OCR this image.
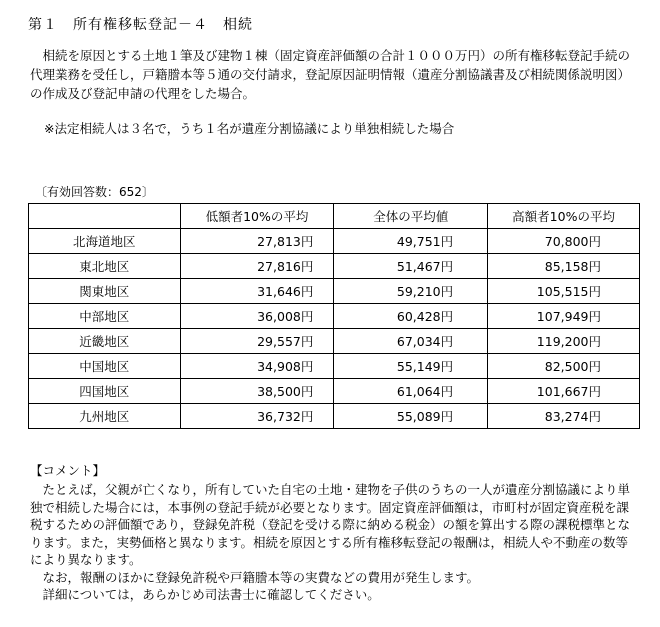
第１　所有権移転登記－４　相続

相続を原因とする土地１筆及び建物１棟（固定資産評価額の合計１０００万円）の所有権移転登記手続の代理業務を受任し，戸籍謄本等５通の交付請求，登記原因証明情報（遺産分割協議書及び相続関係説明図）の作成及び登記申請の代理をした場合。

※法定相続人は３名で，うち１名が遺産分割協議により単独相続した場合
〔有効回答数：652〕
	低額者10%の平均	全体の平均値	高額者10%の平均
北海道地区	27,813円	49,751円	70,800円
東北地区	27,816円	51,467円	85,158円
関東地区	31,646円	59,210円	105,515円
中部地区	36,008円	60,428円	107,949円
近畿地区	29,557円	67,034円	119,200円
中国地区	34,908円	55,149円	82,500円
四国地区	38,500円	61,064円	101,667円
九州地区	36,732円	55,089円	83,274円
【コメント】

たとえば，父親が亡くなり，所有していた自宅の土地・建物を子供のうちの一人が遺産分割協議により単独で相続した場合には，本事例の登記手続が必要となります。固定資産評価額は，市町村が固定資産税を課税するための評価額であり，登録免許税（登記を受ける際に納める税金）の額を算出する際の課税標準となります。また，実勢価格と異なります。相続を原因とする所有権移転登記の報酬は，相続人や不動産の数等により異なります。

なお，報酬のほかに登録免許税や戸籍謄本等の実費などの費用が発生します。

詳細については，あらかじめ司法書士に確認してください。
